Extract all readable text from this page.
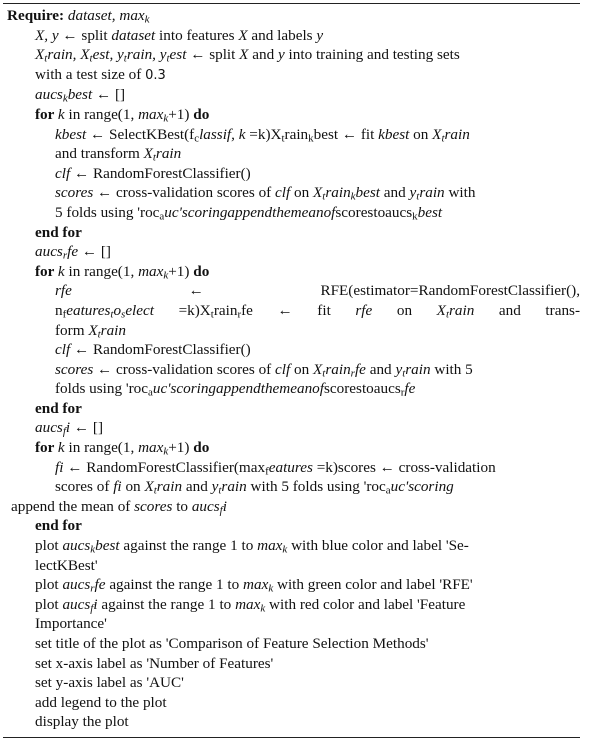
Require: dataset, $\max_k$
X, y ← split dataset into features X and labels y
$X_train$, $X_test$, $y_train$, $y_test$ ← split X and y into training and testing sets
with a test size of 0.3
aucs$_k$best ← []
for k in range(1, $\max_k+1$) do
kbest ← $SelectKBest(f_classif$, $k =k)X_train_kbest$ ← fit kbest on $X_train$
and transform $X_train$
clf ← RandomForestClassifier()
scores ← cross-validation scores of clf on $X_train_kbest$ and $y_train$ with
5 folds using 'roc$_a$uc'scoringappendthemeanofscorestoaucs$_k$best
end for
aucs$_r$fe ← []
for k in range(1, $\max_k+1$) do
rfe ← RFE(estimator=RandomForestClassifier(),
$n_features_to_select$ $=k)X_train_rfe$ ← fit rfe on $X_train$ and trans-
form $X_train$
clf ← RandomForestClassifier()
scores ← cross-validation scores of clf on $X_train_rfe$ and $y_train$ with 5
folds using 'roc$_a$uc'scoringappendthemeanofscorestoaucs$_r$fe
end for
aucs$_f$i ← []
for k in range(1, $\max_k+1$) do
fi ← $RandomForestClassifier(\max_features$ =k)scores ← cross-validation
scores of fi on $X_train$ and $y_train$ with 5 folds using 'roc$_a$uc'scoring
append the mean of scores to aucs$_f$i
end for
plot aucs$_k$best against the range 1 to $\max_k$ with blue color and label 'Se-
lectKBest'
plot aucs$_r$fe against the range 1 to $\max_k$ with green color and label 'RFE'
plot aucs$_f$i against the range 1 to $\max_k$ with red color and label 'Feature
Importance'
set title of the plot as 'Comparison of Feature Selection Methods'
set x-axis label as 'Number of Features'
set y-axis label as 'AUC'
add legend to the plot
display the plot
